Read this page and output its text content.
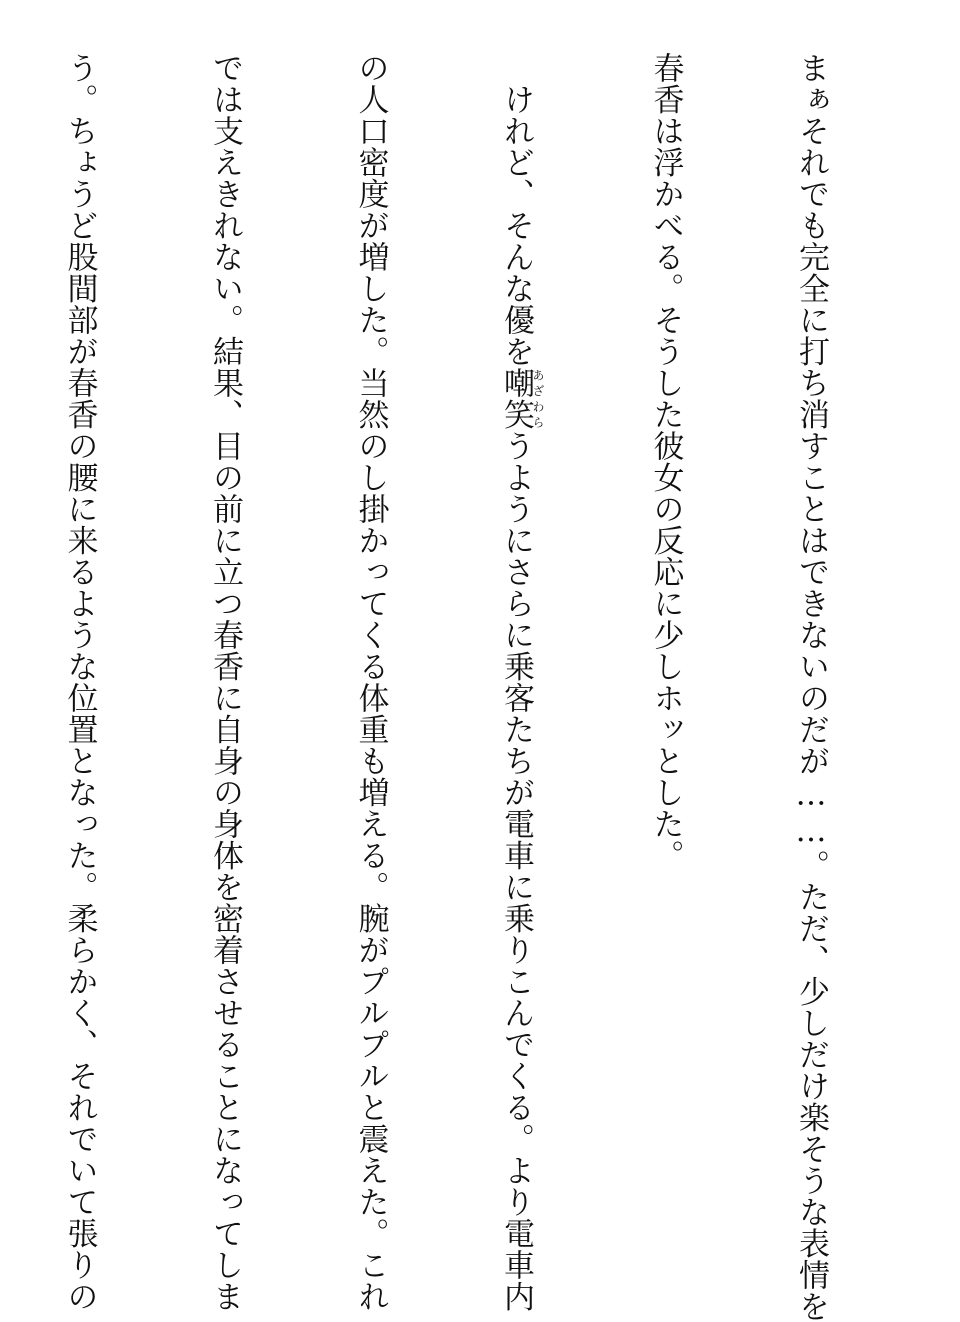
まぁそれでも完全に打ち消すことはできないのだが……。ただ、少しだけ楽そうな表情を

春香は浮かべる。そうした彼女の反応に少しホッとした。

　けれど、そんな優を嘲笑あざわらうようにさらに乗客たちが電車に乗りこんでくる。より電車内

の人口密度が増した。当然のし掛かってくる体重も増える。腕がプルプルと震えた。これ

では支えきれない。結果、目の前に立つ春香に自身の身体を密着させることになってしま

う。ちょうど股間部が春香の腰に来るような位置となった。柔らかく、それでいて張りの
